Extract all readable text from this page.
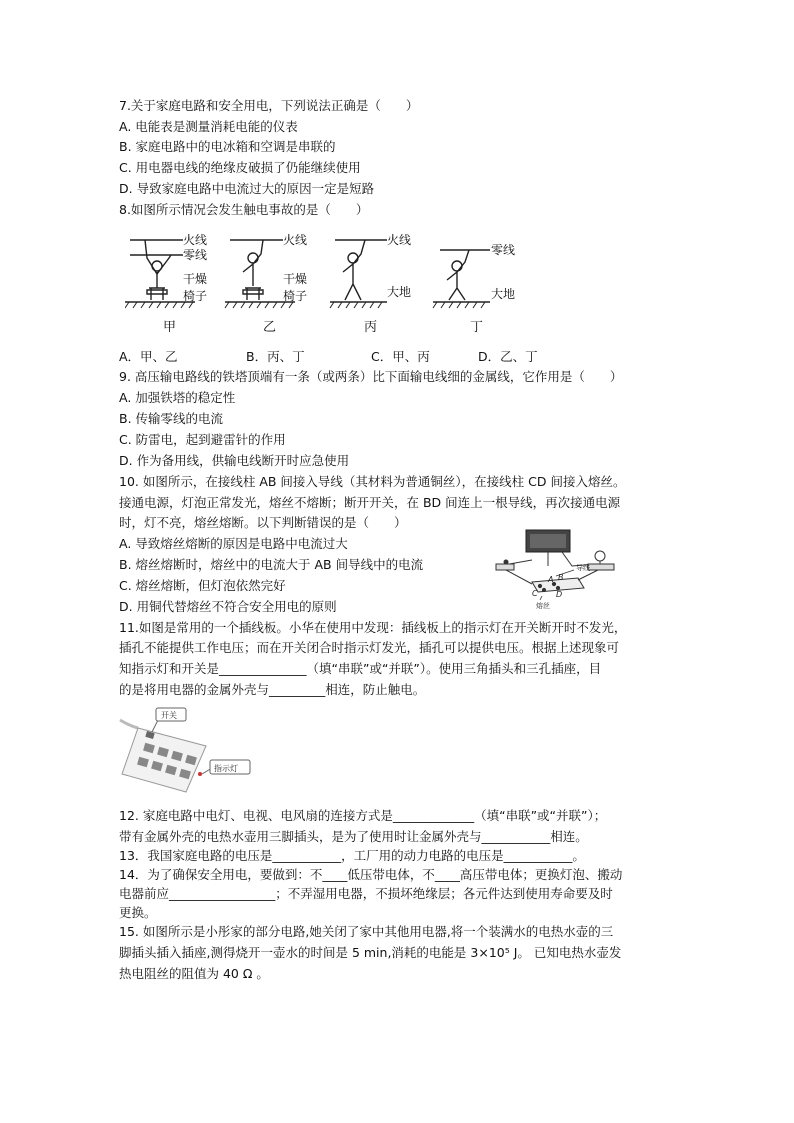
7.关于家庭电路和安全用电，下列说法正确是（　　）
A. 电能表是测量消耗电能的仪表
B. 家庭电路中的电冰箱和空调是串联的
C. 用电器电线的绝缘皮破损了仍能继续使用
D. 导致家庭电路中电流过大的原因一定是短路
8.如图所示情况会发生触电事故的是（　　）
火线
零线
干燥
椅子
火线
干燥
椅子
火线
大地
零线
大地
甲	乙	丙	丁
A．甲、乙	B．丙、丁	C．甲、丙	D．乙、丁
9. 高压输电路线的铁塔顶端有一条（或两条）比下面输电线细的金属线，它作用是（　　）
A. 加强铁塔的稳定性
B. 传输零线的电流
C. 防雷电，起到避雷针的作用
D. 作为备用线，供输电线断开时应急使用
10. 如图所示，在接线柱 AB 间接入导线（其材料为普通铜丝），在接线柱 CD 间接入熔丝。
接通电源，灯泡正常发光，熔丝不熔断；断开开关，在 BD 间连上一根导线，再次接通电源
时，灯不亮，熔丝熔断。以下判断错误的是（　　）
A. 导致熔丝熔断的原因是电路中电流过大
B. 熔丝熔断时，熔丝中的电流大于 AB 间导线中的电流
C. 熔丝熔断，但灯泡依然完好
D. 用铜代替熔丝不符合安全用电的原则
导线
A B
C D
熔丝
11.如图是常用的一个插线板。小华在使用中发现：插线板上的指示灯在开关断开时不发光，
插孔不能提供工作电压；而在开关闭合时指示灯发光，插孔可以提供电压。根据上述现象可
知指示灯和开关是______________（填“串联”或“并联”）。使用三角插头和三孔插座，目
的是将用电器的金属外壳与_________相连，防止触电。
开关
指示灯
12. 家庭电路中电灯、电视、电风扇的连接方式是_____________（填“串联”或“并联”）；
带有金属外壳的电热水壶用三脚插头，是为了使用时让金属外壳与___________相连。
13．我国家庭电路的电压是___________，工厂用的动力电路的电压是___________。
14．为了确保安全用电，要做到：不____低压带电体，不____高压带电体；更换灯泡、搬动
电器前应_________________；不弄湿用电器，不损坏绝缘层；各元件达到使用寿命要及时
更换。
15. 如图所示是小彤家的部分电路,她关闭了家中其他用电器,将一个装满水的电热水壶的三
脚插头插入插座,测得烧开一壶水的时间是 5 min,消耗的电能是 3×10⁵ J。 已知电热水壶发
热电阻丝的阻值为 40 Ω 。
